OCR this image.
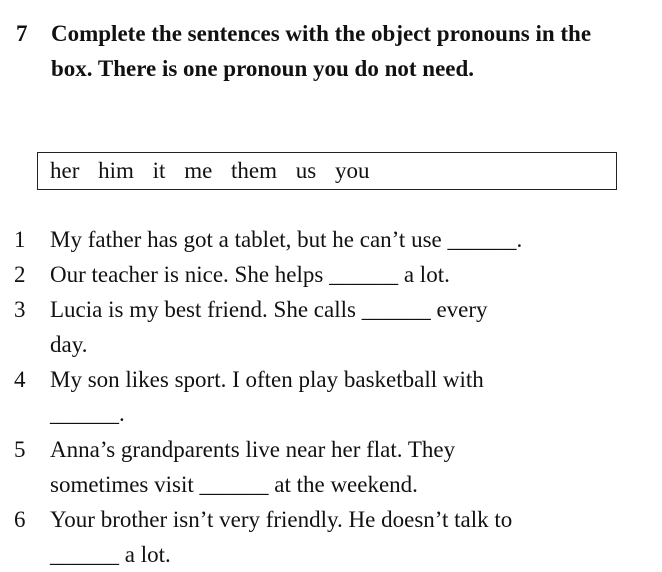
7 Complete the sentences with the object pronouns in the box. There is one pronoun you do not need.
her him it me them us you
1 My father has got a tablet, but he can’t use ______.
2 Our teacher is nice. She helps ______ a lot.
3 Lucia is my best friend. She calls ______ every
day.
4 My son likes sport. I often play basketball with
______.
5 Anna’s grandparents live near her flat. They
sometimes visit ______ at the weekend.
6 Your brother isn’t very friendly. He doesn’t talk to
______ a lot.
